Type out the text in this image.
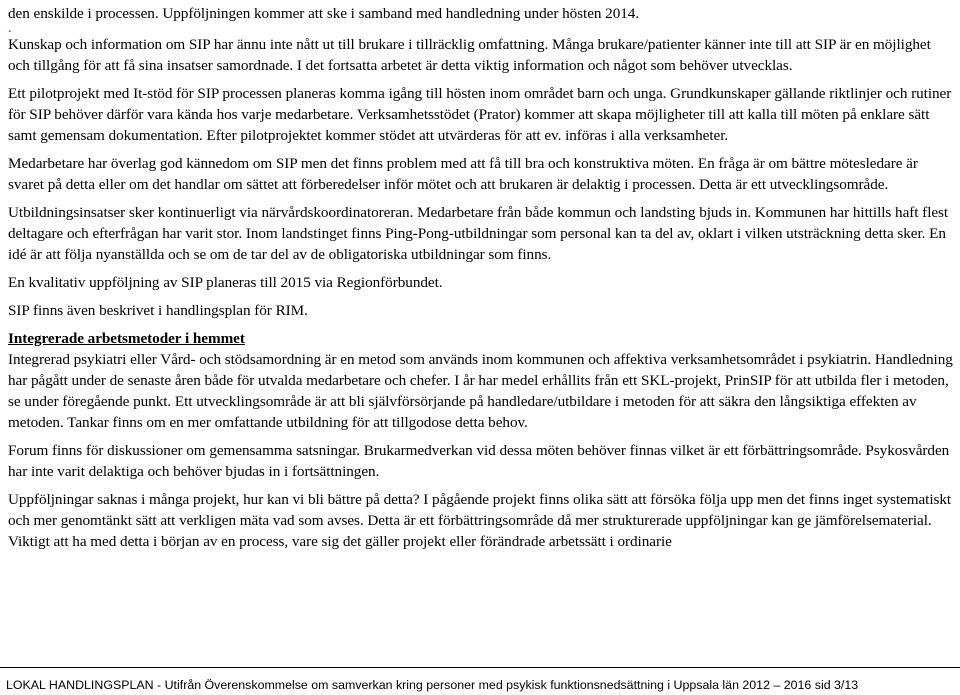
den enskilde i processen. Uppföljningen kommer att ske i samband med handledning under hösten 2014.

.

Kunskap och information om SIP har ännu inte nått ut till brukare i tillräcklig omfattning. Många brukare/patienter känner inte till att SIP är en möjlighet och tillgång för att få sina insatser samordnade. I det fortsatta arbetet är detta viktig information och något som behöver utvecklas.

Ett pilotprojekt med It-stöd för SIP processen planeras komma igång till hösten inom området barn och unga. Grundkunskaper gällande riktlinjer och rutiner för SIP behöver därför vara kända hos varje medarbetare. Verksamhetsstödet (Prator) kommer att skapa möjligheter till att kalla till möten på enklare sätt samt gemensam dokumentation. Efter pilotprojektet kommer stödet att utvärderas för att ev. införas i alla verksamheter.

Medarbetare har överlag god kännedom om SIP men det finns problem med att få till bra och konstruktiva möten. En fråga är om bättre mötesledare är svaret på detta eller om det handlar om sättet att förberedelser inför mötet och att brukaren är delaktig i processen. Detta är ett utvecklingsområde.

Utbildningsinsatser sker kontinuerligt via närvårdskoordinatoreran. Medarbetare från både kommun och landsting bjuds in. Kommunen har hittills haft flest deltagare och efterfrågan har varit stor. Inom landstinget finns Ping-Pong-utbildningar som personal kan ta del av, oklart i vilken utsträckning detta sker. En idé är att följa nyanställda och se om de tar del av de obligatoriska utbildningar som finns.

En kvalitativ uppföljning av SIP planeras till 2015 via Regionförbundet.

SIP finns även beskrivet i handlingsplan för RIM.

Integrerade arbetsmetoder i hemmet

Integrerad psykiatri eller Vård- och stödsamordning är en metod som används inom kommunen och affektiva verksamhetsområdet i psykiatrin. Handledning har pågått under de senaste åren både för utvalda medarbetare och chefer. I år har medel erhållits från ett SKL-projekt, PrinSIP för att utbilda fler i metoden, se under föregående punkt. Ett utvecklingsområde är att bli självförsörjande på handledare/utbildare i metoden för att säkra den långsiktiga effekten av metoden. Tankar finns om en mer omfattande utbildning för att tillgodose detta behov.

Forum finns för diskussioner om gemensamma satsningar. Brukarmedverkan vid dessa möten behöver finnas vilket är ett förbättringsområde. Psykosvården har inte varit delaktiga och behöver bjudas in i fortsättningen.

Uppföljningar saknas i många projekt, hur kan vi bli bättre på detta? I pågående projekt finns olika sätt att försöka följa upp men det finns inget systematiskt och mer genomtänkt sätt att verkligen mäta vad som avses. Detta är ett förbättringsområde då mer strukturerade uppföljningar kan ge jämförelsematerial. Viktigt att ha med detta i början av en process, vare sig det gäller projekt eller förändrade arbetssätt i ordinarie

LOKAL HANDLINGSPLAN - Utifrån Överenskommelse om samverkan kring personer med psykisk funktionsnedsättning i Uppsala län 2012 – 2016 sid 3/13
